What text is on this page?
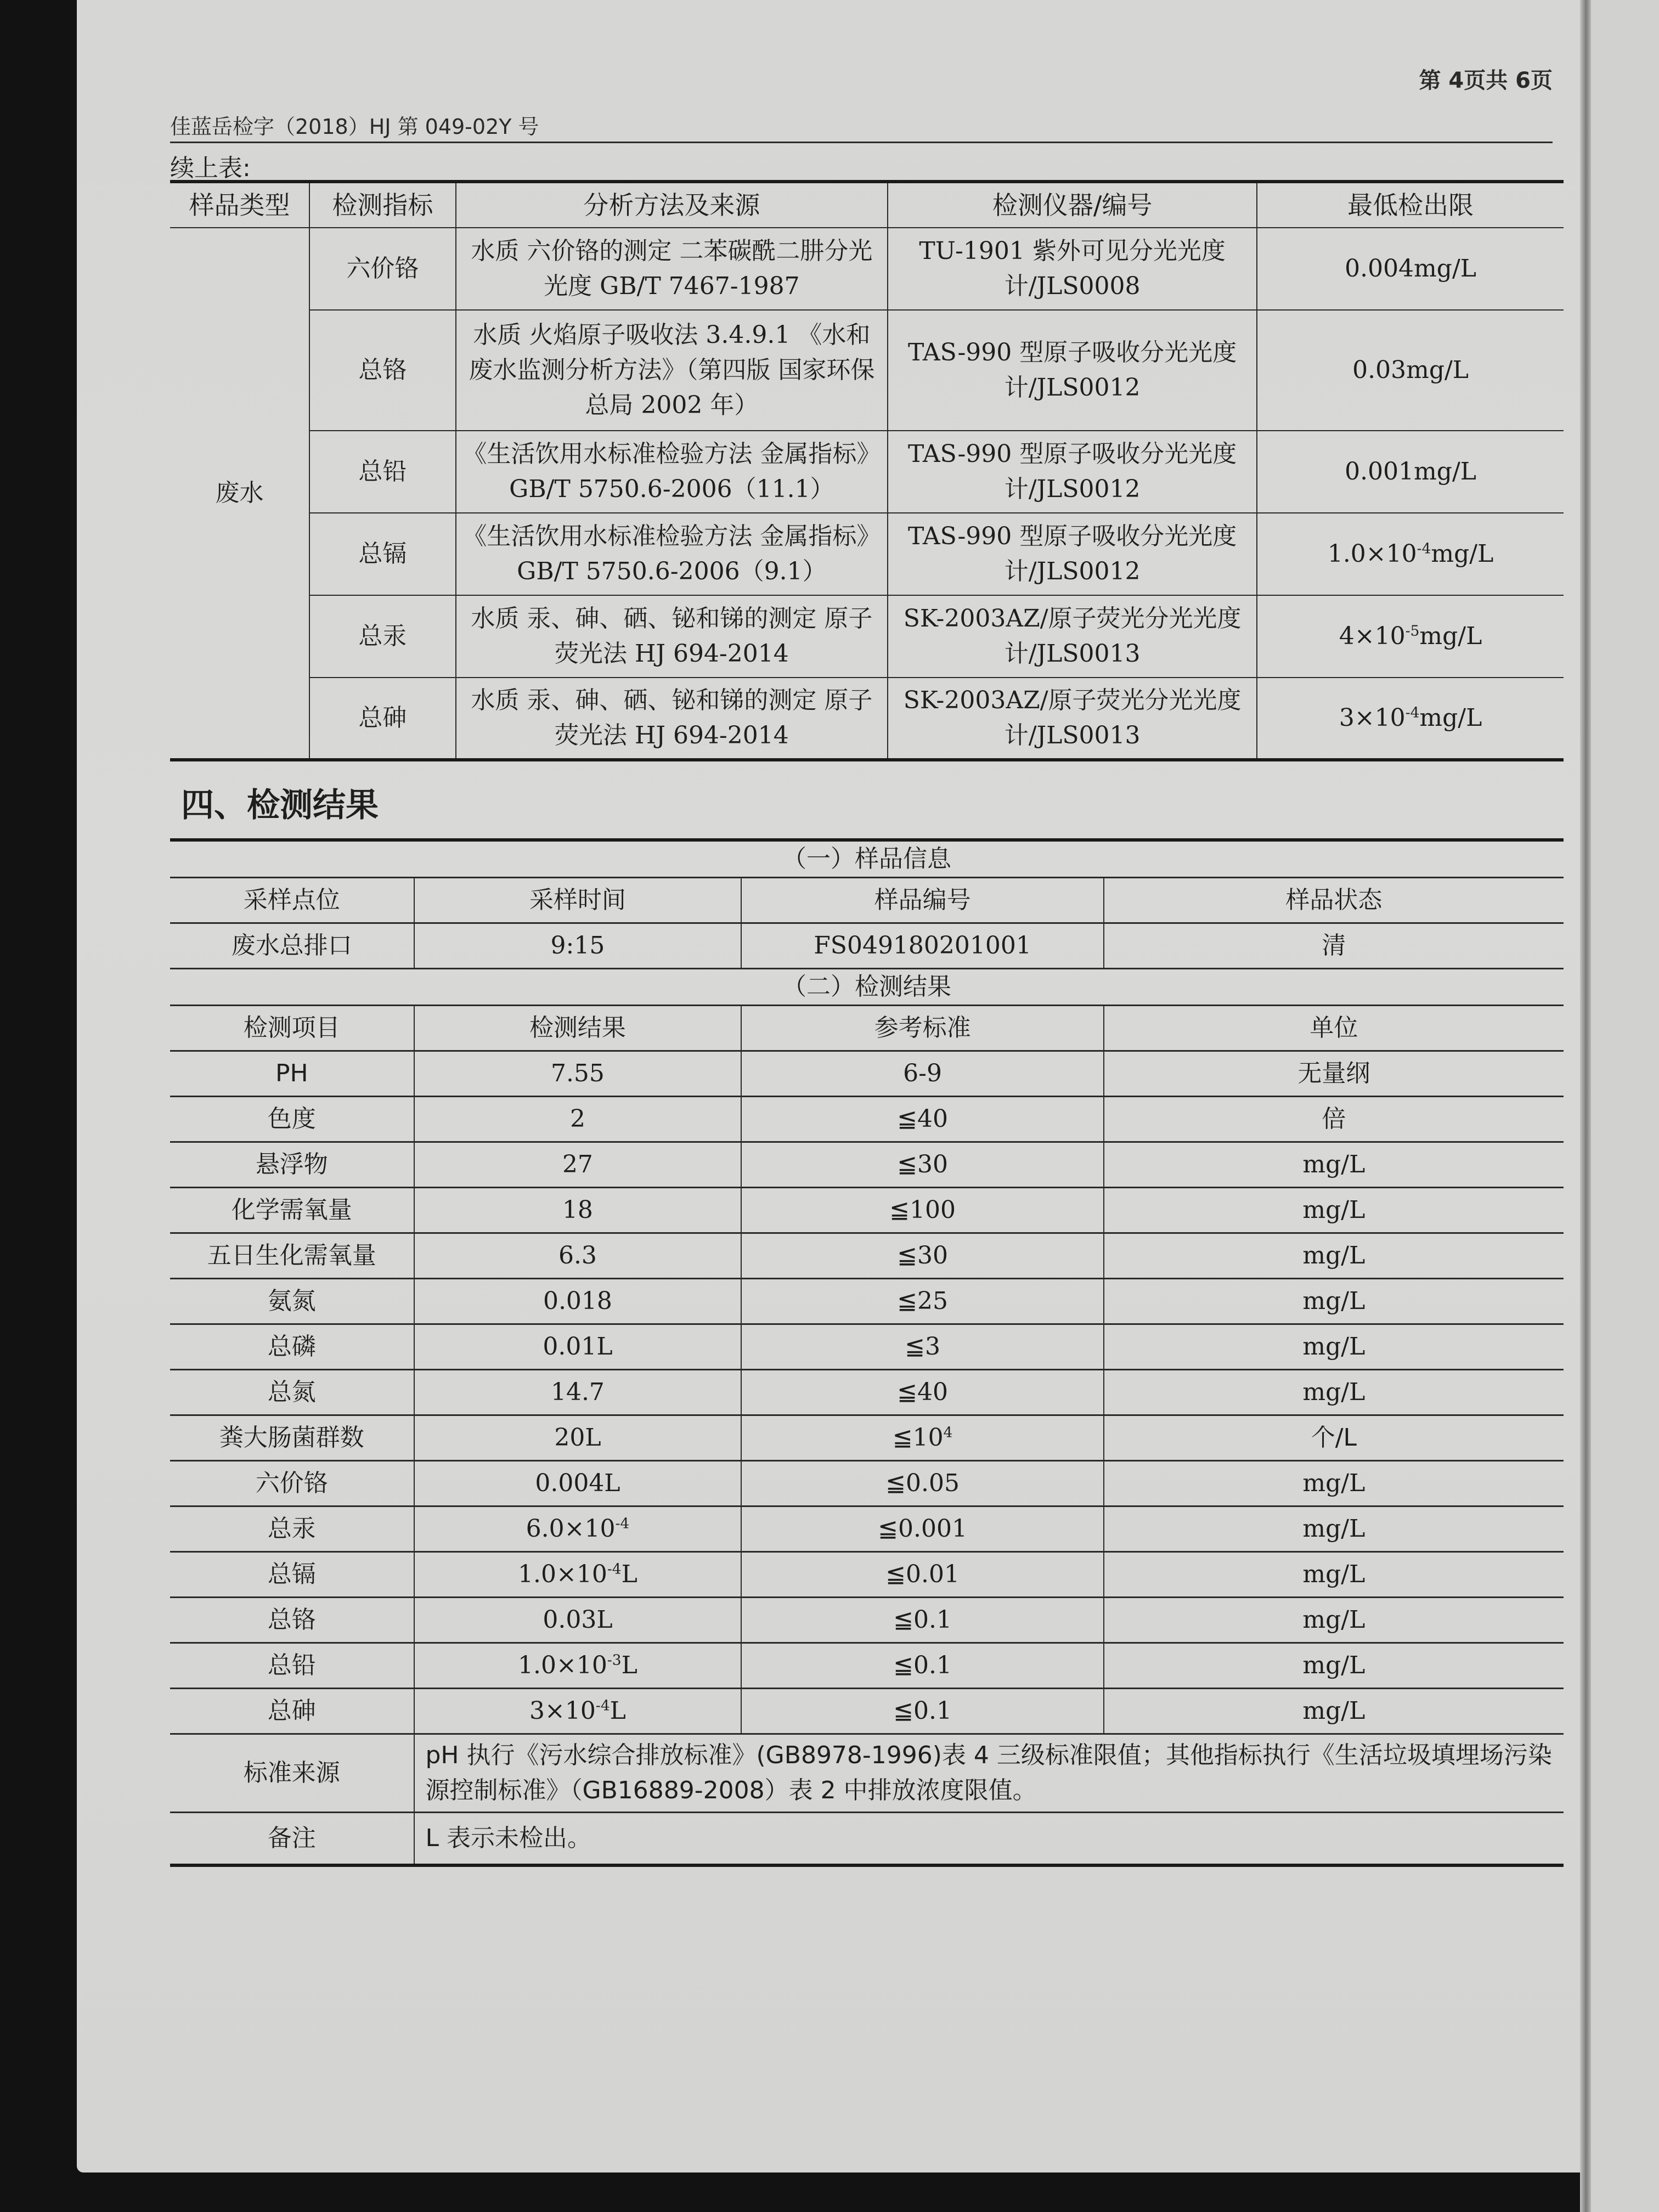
第 4页共 6页
佳蓝岳检字（2018）HJ 第 049-02Y 号
续上表:
样品类型	检测指标	分析方法及来源	检测仪器/编号	最低检出限
废水	六价铬	水质 六价铬的测定 二苯碳酰二肼分光光度 GB/T 7467-1987	TU-1901 紫外可见分光光度计/JLS0008	0.004mg/L
	总铬	水质 火焰原子吸收法 3.4.9.1 《水和废水监测分析方法》（第四版 国家环保总局 2002 年）	TAS-990 型原子吸收分光光度计/JLS0012	0.03mg/L
	总铅	《生活饮用水标准检验方法 金属指标》 GB/T 5750.6-2006（11.1）	TAS-990 型原子吸收分光光度计/JLS0012	0.001mg/L
	总镉	《生活饮用水标准检验方法 金属指标》 GB/T 5750.6-2006（9.1）	TAS-990 型原子吸收分光光度计/JLS0012	$1.0\times 10^{-4}mg/L$
	总汞	水质 汞、砷、硒、铋和锑的测定 原子荧光法 HJ 694-2014	SK-2003AZ/原子荧光分光光度计/JLS0013	$4\times 10^{-5}mg/L$
	总砷	水质 汞、砷、硒、铋和锑的测定 原子荧光法 HJ 694-2014	SK-2003AZ/原子荧光分光光度计/JLS0013	$3\times 10^{-4}mg/L$
四、检测结果
（一）样品信息
采样点位	采样时间	样品编号	样品状态
废水总排口	9:15	FS049180201001	清
（二）检测结果
检测项目	检测结果	参考标准	单位
PH	7.55	6-9	无量纲
色度	2	≦40	倍
悬浮物	27	≦30	mg/L
化学需氧量	18	≦100	mg/L
五日生化需氧量	6.3	≦30	mg/L
氨氮	0.018	≦25	mg/L
总磷	0.01L	≦3	mg/L
总氮	14.7	≦40	mg/L
粪大肠菌群数	20L	$≦10^4$	个/L
六价铬	0.004L	≦0.05	mg/L
总汞	$6.0\times 10^{-4}$	≦0.001	mg/L
总镉	$1.0\times 10^{-4}L$	≦0.01	mg/L
总铬	0.03L	≦0.1	mg/L
总铅	$1.0\times 10^{-3}L$	≦0.1	mg/L
总砷	$3\times 10^{-4}L$	≦0.1	mg/L
标准来源	pH 执行《污水综合排放标准》(GB8978-1996)表 4 三级标准限值；其他指标执行《生活垃圾填埋场污染源控制标准》（GB16889-2008）表 2 中排放浓度限值。		
备注	L 表示未检出。		
